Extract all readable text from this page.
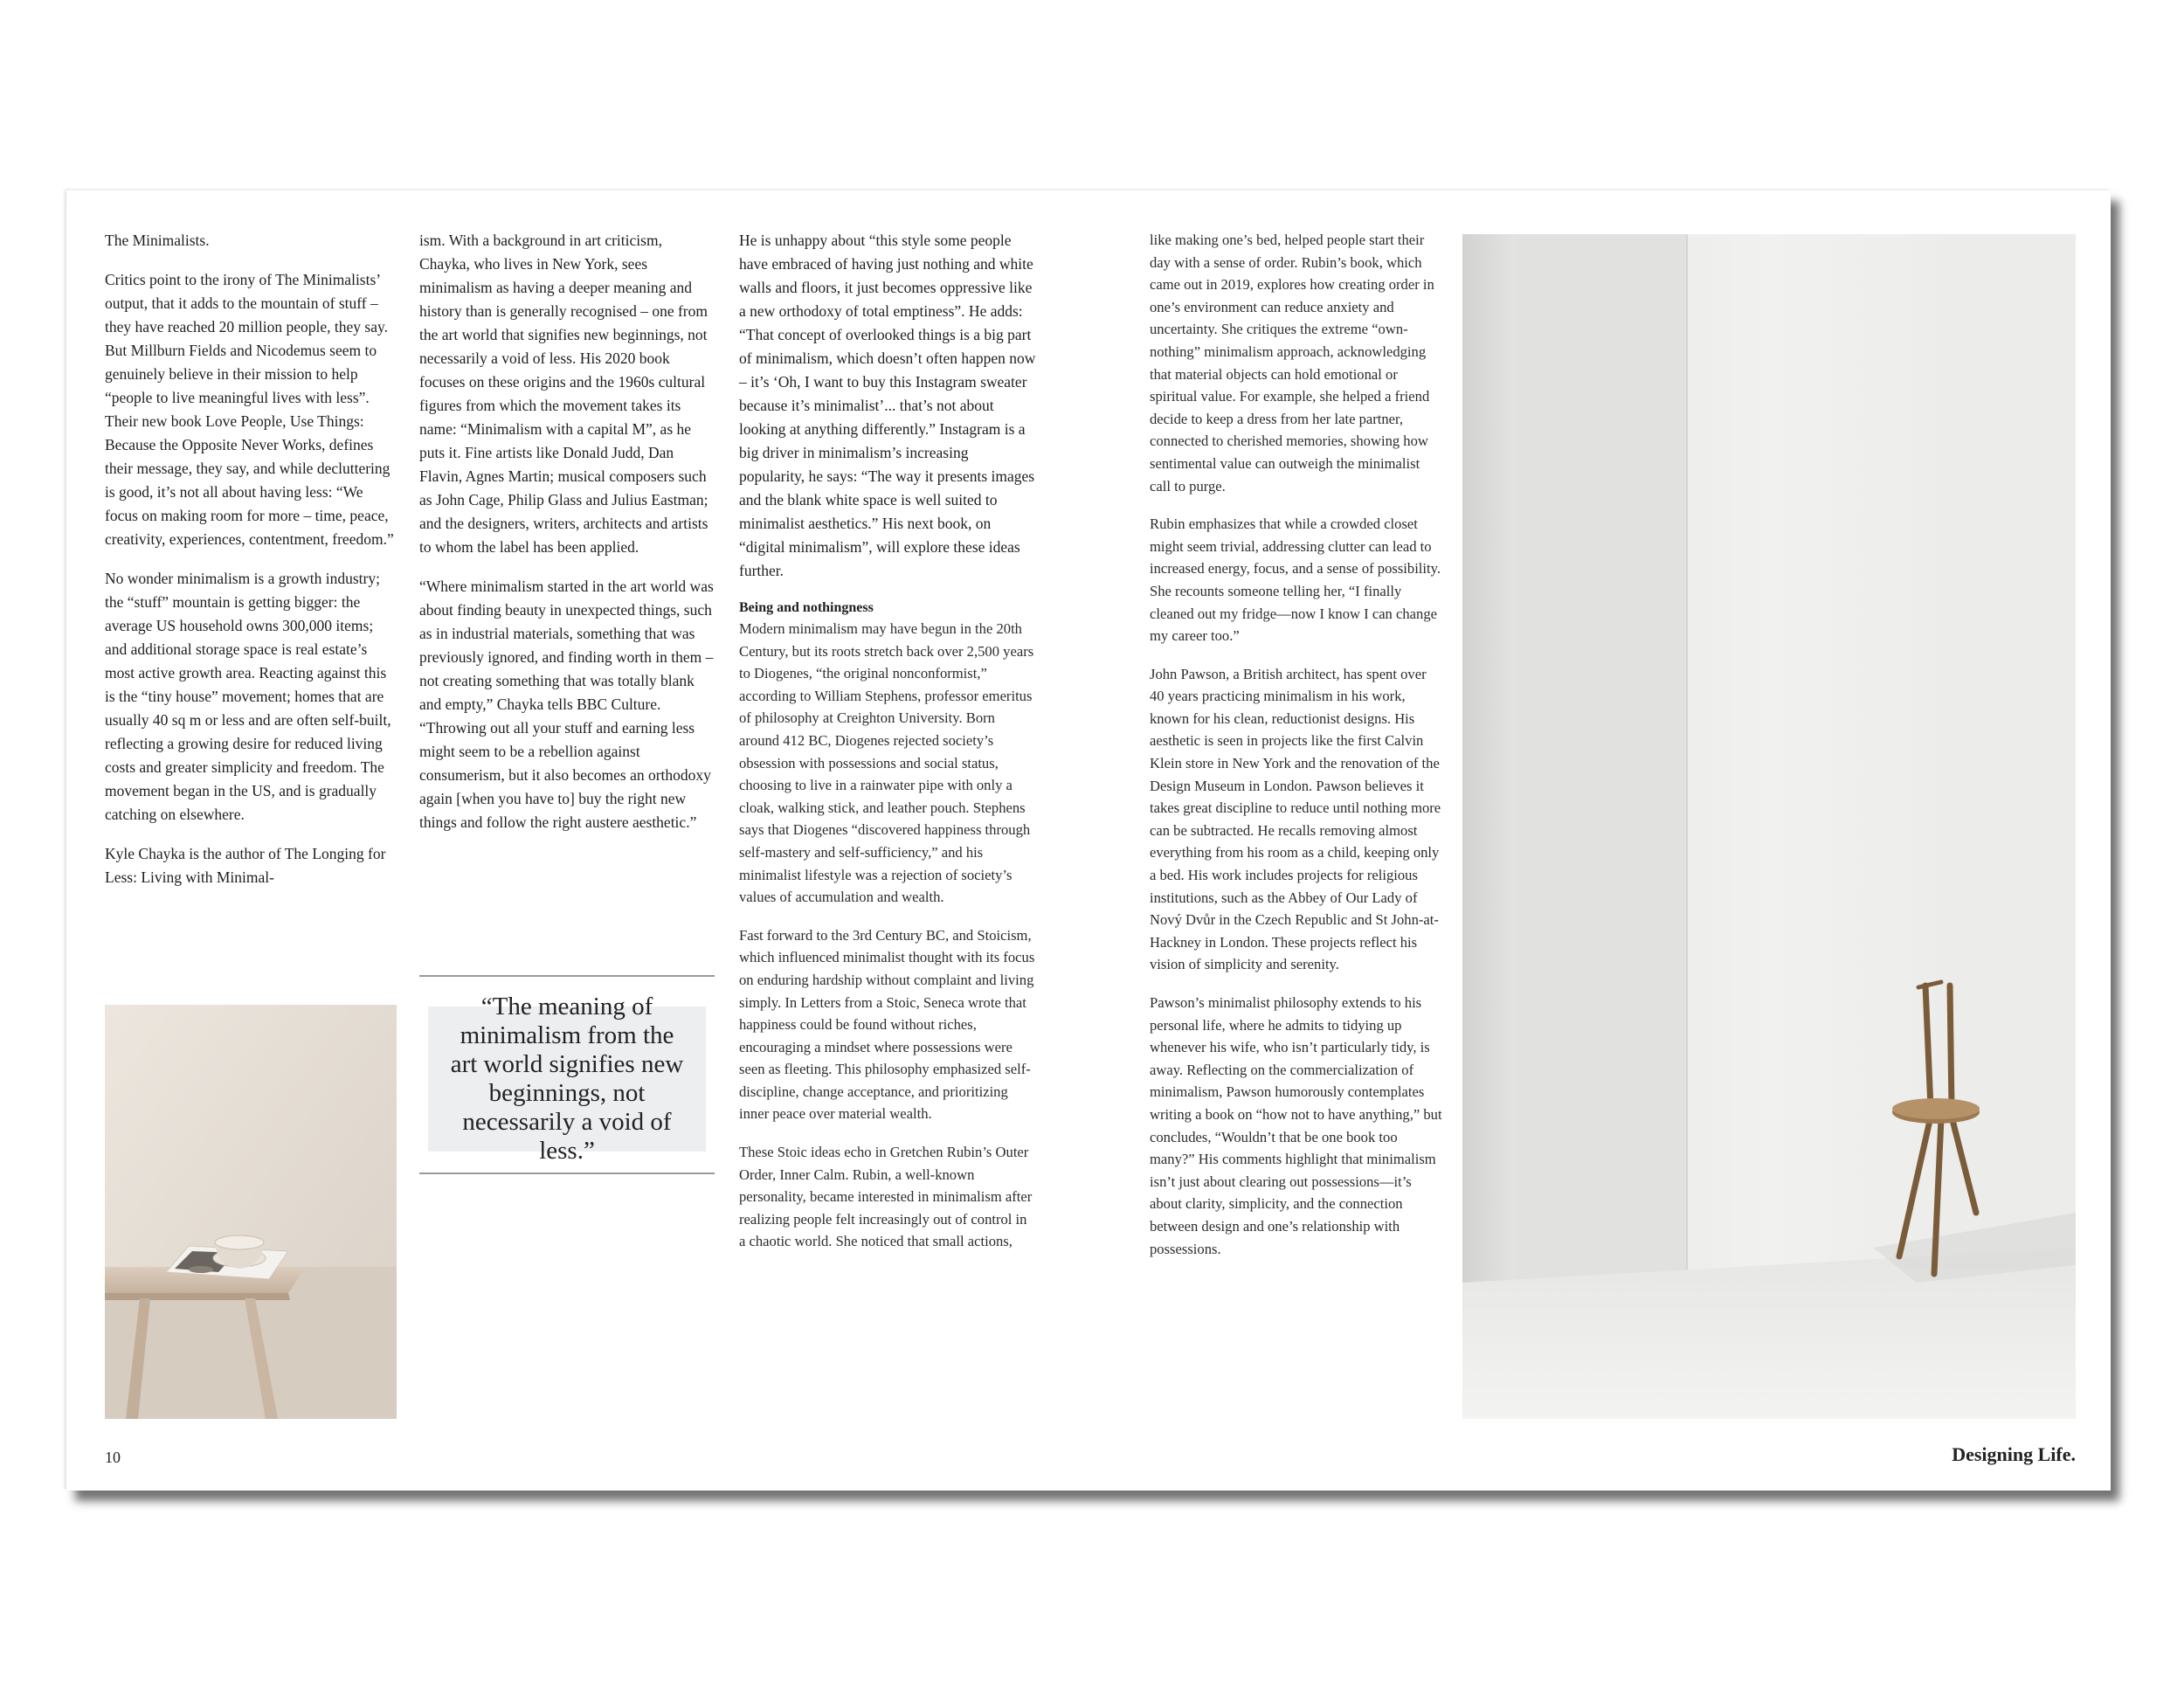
The Minimalists.

Critics point to the irony of The Minimalists’ output, that it adds to the mountain of stuff – they have reached 20 million people, they say. But Millburn Fields and Nicodemus seem to genuinely believe in their mission to help “people to live meaningful lives with less”. Their new book Love People, Use Things: Because the Opposite Never Works, defines their message, they say, and while decluttering is good, it’s not all about having less: “We focus on making room for more – time, peace, creativity, experiences, contentment, freedom.”

No wonder minimalism is a growth industry; the “stuff” mountain is getting bigger: the average US household owns 300,000 items; and additional storage space is real estate’s most active growth area. Reacting against this is the “tiny house” movement; homes that are usually 40 sq m or less and are often self-built, reflecting a growing desire for reduced living costs and greater simplicity and freedom. The movement began in the US, and is gradually catching on elsewhere.

Kyle Chayka is the author of The Longing for Less: Living with Minimal-

ism. With a background in art criticism, Chayka, who lives in New York, sees minimalism as having a deeper meaning and history than is generally recognised – one from the art world that signifies new beginnings, not necessarily a void of less. His 2020 book focuses on these origins and the 1960s cultural figures from which the movement takes its name: “Minimalism with a capital M”, as he puts it. Fine artists like Donald Judd, Dan Flavin, Agnes Martin; musical composers such as John Cage, Philip Glass and Julius Eastman; and the designers, writers, architects and artists to whom the label has been applied.

“Where minimalism started in the art world was about finding beauty in unexpected things, such as in industrial materials, something that was previously ignored, and finding worth in them – not creating something that was totally blank and empty,” Chayka tells BBC Culture. “Throwing out all your stuff and earning less might seem to be a rebellion against consumerism, but it also becomes an orthodoxy again [when you have to] buy the right new things and follow the right austere aesthetic.”

“The meaning of minimalism from the art world signifies new beginnings, not necessarily a void of less.”

He is unhappy about “this style some people have embraced of having just nothing and white walls and floors, it just becomes oppressive like a new orthodoxy of total emptiness”. He adds: “That concept of overlooked things is a big part of minimalism, which doesn’t often happen now – it’s ‘Oh, I want to buy this Instagram sweater because it’s minimalist’... that’s not about looking at anything differently.” Instagram is a big driver in minimalism’s increasing popularity, he says: “The way it presents images and the blank white space is well suited to minimalist aesthetics.” His next book, on “digital minimalism”, will explore these ideas further.

Being and nothingness

Modern minimalism may have begun in the 20th Century, but its roots stretch back over 2,500 years to Diogenes, “the original nonconformist,” according to William Stephens, professor emeritus of philosophy at Creighton University. Born around 412 BC, Diogenes rejected society’s obsession with possessions and social status, choosing to live in a rainwater pipe with only a cloak, walking stick, and leather pouch. Stephens says that Diogenes “discovered happiness through self-mastery and self-sufficiency,” and his minimalist lifestyle was a rejection of society’s values of accumulation and wealth.

Fast forward to the 3rd Century BC, and Stoicism, which influenced minimalist thought with its focus on enduring hardship without complaint and living simply. In Letters from a Stoic, Seneca wrote that happiness could be found without riches, encouraging a mindset where possessions were seen as fleeting. This philosophy emphasized self-discipline, change acceptance, and prioritizing inner peace over material wealth.

These Stoic ideas echo in Gretchen Rubin’s Outer Order, Inner Calm. Rubin, a well-known personality, became interested in minimalism after realizing people felt increasingly out of control in a chaotic world. She noticed that small actions,

like making one’s bed, helped people start their day with a sense of order. Rubin’s book, which came out in 2019, explores how creating order in one’s environment can reduce anxiety and uncertainty. She critiques the extreme “own-nothing” minimalism approach, acknowledging that material objects can hold emotional or spiritual value. For example, she helped a friend decide to keep a dress from her late partner, connected to cherished memories, showing how sentimental value can outweigh the minimalist call to purge.

Rubin emphasizes that while a crowded closet might seem trivial, addressing clutter can lead to increased energy, focus, and a sense of possibility. She recounts someone telling her, “I finally cleaned out my fridge—now I know I can change my career too.”

John Pawson, a British architect, has spent over 40 years practicing minimalism in his work, known for his clean, reductionist designs. His aesthetic is seen in projects like the first Calvin Klein store in New York and the renovation of the Design Museum in London. Pawson believes it takes great discipline to reduce until nothing more can be subtracted. He recalls removing almost everything from his room as a child, keeping only a bed. His work includes projects for religious institutions, such as the Abbey of Our Lady of Nový Dvůr in the Czech Republic and St John-at-Hackney in London. These projects reflect his vision of simplicity and serenity.

Pawson’s minimalist philosophy extends to his personal life, where he admits to tidying up whenever his wife, who isn’t particularly tidy, is away. Reflecting on the commercialization of minimalism, Pawson humorously contemplates writing a book on “how not to have anything,” but concludes, “Wouldn’t that be one book too many?” His comments highlight that minimalism isn’t just about clearing out possessions—it’s about clarity, simplicity, and the connection between design and one’s relationship with possessions.

10	Designing Life.
